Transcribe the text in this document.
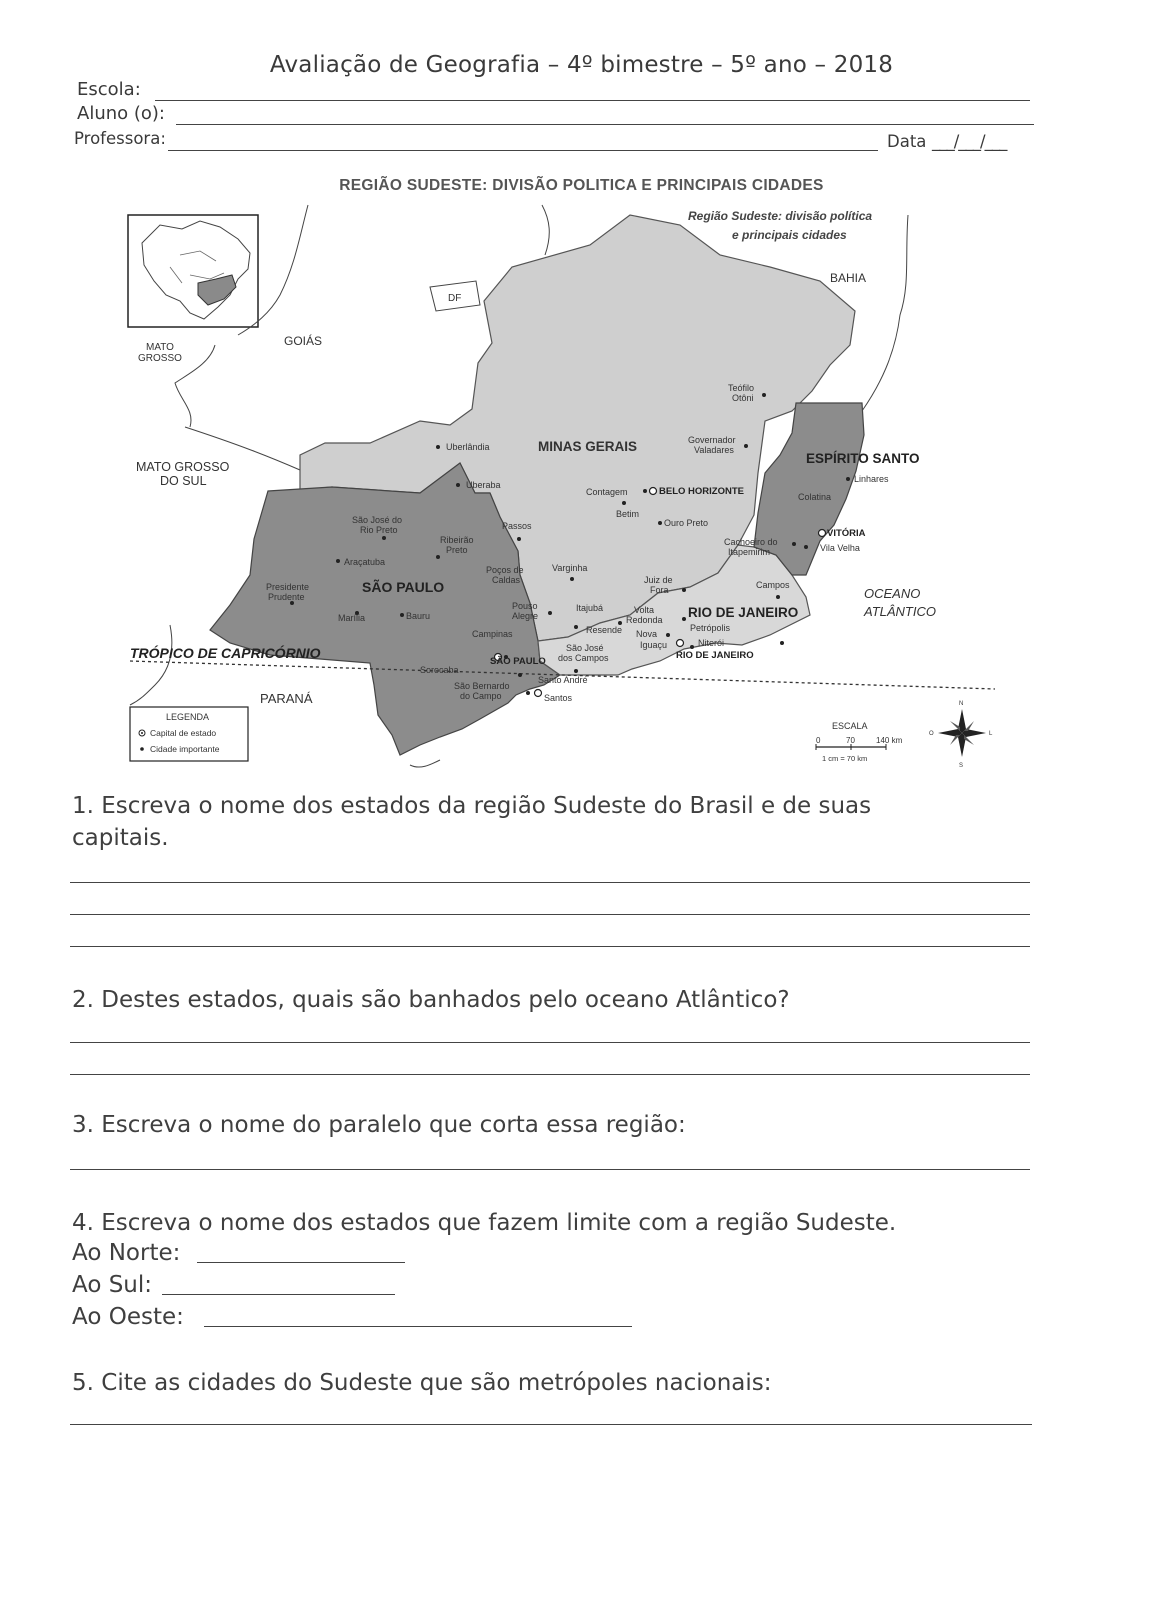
Avaliação de Geografia – 4º bimestre – 5º ano – 2018
Escola:
Aluno (o):
Professora:	Data ___/___/___
REGIÃO SUDESTE: DIVISÃO POLITICA E PRINCIPAIS CIDADES
DF
BAHIA
GOIÁS
MATO
GROSSO
MATO GROSSO
DO SUL
PARANÁ
Região Sudeste: divisão política
e principais cidades
MINAS GERAIS
SÃO PAULO
RIO DE JANEIRO
ESPÍRITO SANTO
OCEANO
ATLÂNTICO
TRÓPICO DE CAPRICÓRNIO
VITÓRIA
BELO HORIZONTE
RIO DE JANEIRO
SÃO PAULO
Teófilo
Otôni
Governador
Valadares
Uberlândia
Uberaba
Contagem
Betim
Ouro Preto
Linhares
Colatina
Vila Velha
Cachoeiro do
Itapemirim
Campos
Juiz de
Fora
Varginha
Poços de
Caldas
Passos
São José do
Rio Preto
Ribeirão
Preto
Araçatuba
Presidente
Prudente
Marília	Bauru
Pouso
Alegre
Itajubá	Volta
Redonda
Petrópolis
Resende Nova
Iguaçu	Niterói
Campinas
São José
dos Campos
Sorocaba
São Bernardo
do Campo
Santo André
Santos
LEGENDA
Capital de estado
Cidade importante
ESCALA
0	70	140 km
1 cm = 70 km
N
S
L
O
1. Escreva o nome dos estados da região Sudeste do Brasil e de suas
capitais.
2. Destes estados, quais são banhados pelo oceano Atlântico?
3. Escreva o nome do paralelo que corta essa região:
4. Escreva o nome dos estados que fazem limite com a região Sudeste.
Ao Norte:
Ao Sul:
Ao Oeste:
5. Cite as cidades do Sudeste que são metrópoles nacionais:
